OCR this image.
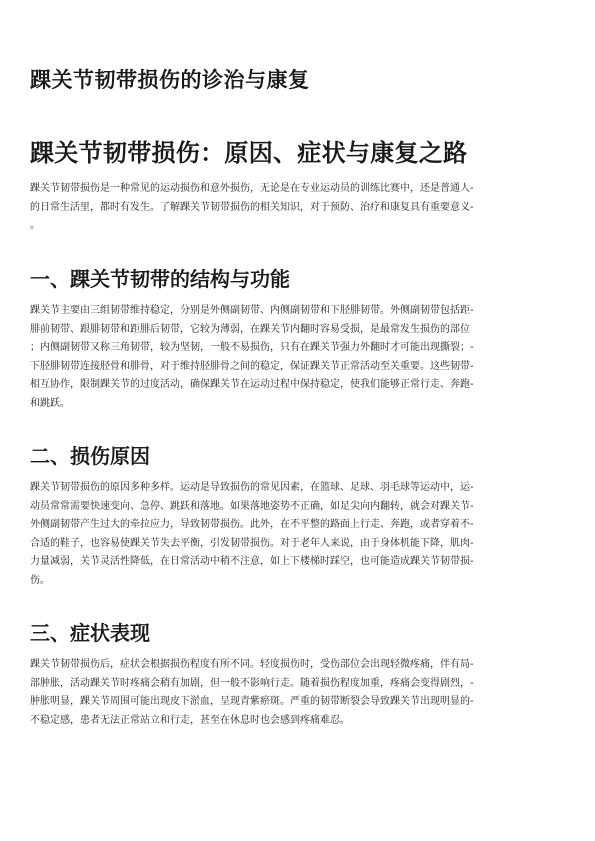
踝关节韧带损伤的诊治与康复
踝关节韧带损伤：原因、症状与康复之路
踝关节韧带损伤是一种常见的运动损伤和意外损伤，无论是在专业运动员的训练比赛中，还是普通人-
的日常生活里，都时有发生。了解踝关节韧带损伤的相关知识，对于预防、治疗和康复具有重要意义-
。
一、踝关节韧带的结构与功能
踝关节主要由三组韧带维持稳定，分别是外侧副韧带、内侧副韧带和下胫腓韧带。外侧副韧带包括距-
腓前韧带、跟腓韧带和距腓后韧带，它较为薄弱，在踝关节内翻时容易受损，是最常发生损伤的部位
；内侧副韧带又称三角韧带，较为坚韧，一般不易损伤，只有在踝关节强力外翻时才可能出现撕裂；-
下胫腓韧带连接胫骨和腓骨，对于维持胫腓骨之间的稳定，保证踝关节正常活动至关重要。这些韧带-
相互协作，限制踝关节的过度活动，确保踝关节在运动过程中保持稳定，使我们能够正常行走、奔跑-
和跳跃。
二、损伤原因
踝关节韧带损伤的原因多种多样。运动是导致损伤的常见因素，在篮球、足球、羽毛球等运动中，运-
动员常常需要快速变向、急停、跳跃和落地。如果落地姿势不正确，如足尖向内翻转，就会对踝关节-
外侧副韧带产生过大的牵拉应力，导致韧带损伤。此外，在不平整的路面上行走、奔跑，或者穿着不-
合适的鞋子，也容易使踝关节失去平衡，引发韧带损伤。对于老年人来说，由于身体机能下降，肌肉-
力量减弱，关节灵活性降低，在日常活动中稍不注意，如上下楼梯时踩空，也可能造成踝关节韧带损-
伤。
三、症状表现
踝关节韧带损伤后，症状会根据损伤程度有所不同。轻度损伤时，受伤部位会出现轻微疼痛，伴有局-
部肿胀，活动踝关节时疼痛会稍有加剧，但一般不影响行走。随着损伤程度加重，疼痛会变得剧烈，-
肿胀明显，踝关节周围可能出现皮下淤血，呈现青紫瘀斑。严重的韧带断裂会导致踝关节出现明显的-
不稳定感，患者无法正常站立和行走，甚至在休息时也会感到疼痛难忍。
